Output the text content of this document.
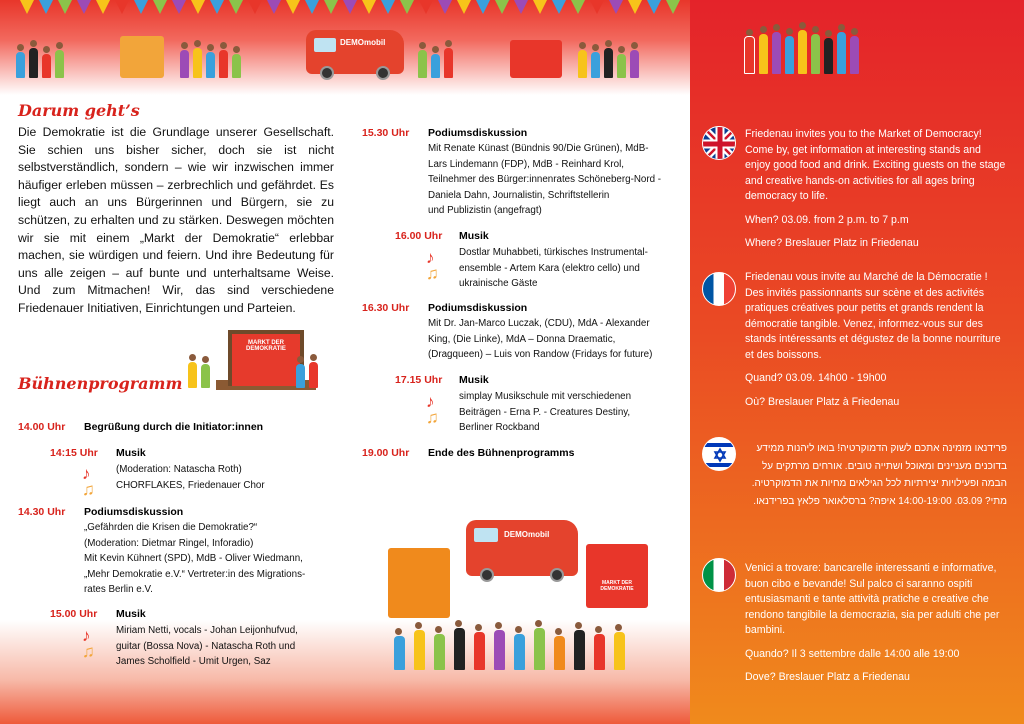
DEMOmobil
Darum geht’s
Die Demokratie ist die Grundlage unserer Gesellschaft. Sie schien uns bisher sicher, doch sie ist nicht selbstverständlich, sondern – wie wir inzwischen immer häufiger erleben müssen – zerbrechlich und gefährdet. Es liegt auch an uns Bürgerinnen und Bürgern, sie zu schützen, zu erhalten und zu stärken. Deswegen möchten wir sie mit einem „Markt der Demokratie“ erlebbar machen, sie würdigen und feiern. Und ihre Bedeutung für uns alle zeigen – auf bunte und unterhaltsame Weise. Und zum Mitmachen! Wir, das sind verschiedene Friedenauer Initiativen, Einrichtungen und Parteien.
MARKT DER DEMOKRATIE
Bühnenprogramm
14.00 Uhr Begrüßung durch die Initiator:innen
14:15 Uhr Musik
(Moderation: Natascha Roth)
CHORFLAKES, Friedenauer Chor
♪
♫
14.30 Uhr Podiumsdiskussion
„Gefährden die Krisen die Demokratie?“
(Moderation: Dietmar Ringel, Inforadio)
Mit Kevin Kühnert (SPD), MdB - Oliver Wiedmann,
„Mehr Demokratie e.V.“ Vertreter:in des Migrations-
rates Berlin e.V.
15.00 Uhr Musik
Miriam Netti, vocals - Johan Leijonhufvud,
guitar (Bossa Nova) - Natascha Roth und
James Scholfield - Umit Urgen, Saz
♪
♫
15.30 Uhr Podiumsdiskussion
Mit Renate Künast (Bündnis 90/Die Grünen), MdB-
Lars Lindemann (FDP), MdB - Reinhard Krol,
Teilnehmer des Bürger:innenrates Schöneberg-Nord -
Daniela Dahn, Journalistin, Schriftstellerin
und Publizistin (angefragt)
16.00 Uhr Musik
Dostlar Muhabbeti, türkisches Instrumental-
ensemble - Artem Kara (elektro cello) und
ukrainische Gäste
♪
♫
16.30 Uhr Podiumsdiskussion
Mit Dr. Jan-Marco Luczak, (CDU), MdA - Alexander
King, (Die Linke), MdA – Donna Draematic,
(Dragqueen) – Luis von Randow (Fridays for future)
17.15 Uhr Musik
simplay Musikschule mit verschiedenen
Beiträgen - Erna P. - Creatures Destiny,
Berliner Rockband
♪
♫
19.00 Uhr Ende des Bühnenprogramms
DEMOmobil
MARKT DER DEMOKRATIE

Friedenau invites you to the Market of Democracy! Come by, get information at interesting stands and enjoy good food and drink. Exciting guests on the stage and creative hands-on activities for all ages bring democracy to life.

When? 03.09. from 2 p.m. to 7 p.m

Where? Breslauer Platz in Friedenau

Friedenau vous invite au Marché de la Démocratie ! Des invités passionnants sur scène et des activités pratiques créatives pour petits et grands rendent la démocratie tangible. Venez, informez-vous sur des stands intéressants et dégustez de la bonne nourriture et des boissons.

Quand? 03.09. 14h00 - 19h00

Où? Breslauer Platz à Friedenau

פרידנאו מזמינה אתכם לשוק הדמוקרטיה! בואו ליהנות ממידע בדוכנים מעניינים ומאוכל ושתייה טובים. אורחים מרתקים על הבמה ופעילויות יצירתיות לכל הגילאים מחיות את הדמוקרטיה.

מתי? 03.09. 14:00-19:00 איפה? ברסלאואר פלאץ בפרידנאו.

Venici a trovare: bancarelle interessanti e informative, buon cibo e bevande! Sul palco ci saranno ospiti entusiasmanti e tante attività pratiche e creative che rendono tangibile la democrazia, sia per adulti che per bambini.

Quando? Il 3 settembre dalle 14:00 alle 19:00

Dove? Breslauer Platz a Friedenau
